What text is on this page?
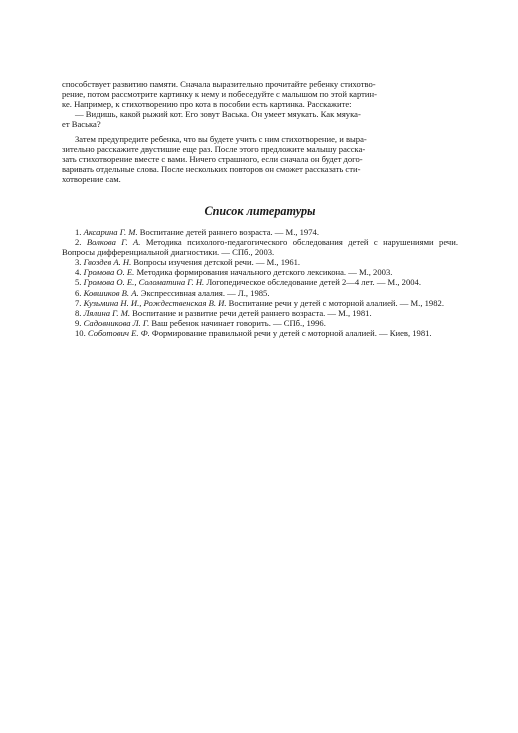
способствует развитию памяти. Сначала выразительно прочитайте ребенку стихотво-

рение, потом рассмотрите картинку к нему и побеседуйте с малышом по этой картин-

ке. Например, к стихотворению про кота в пособии есть картинка. Расскажите:

— Видишь, какой рыжий кот. Его зовут Васька. Он умеет мяукать. Как мяука-

ет Васька?

Затем предупредите ребенка, что вы будете учить с ним стихотворение, и выра-

зительно расскажите двустишие еще раз. После этого предложите малышу расска-

зать стихотворение вместе с вами. Ничего страшного, если сначала он будет дого-

варивать отдельные слова. После нескольких повторов он сможет рассказать сти-

хотворение сам.

Список литературы
1. Аксарина Г. М. Воспитание детей раннего возраста. — М., 1974.
2. Волкова Г. А. Методика психолого-педагогического обследования детей с нарушениями речи. Вопросы дифференциальной диагностики. — СПб., 2003.
3. Гвоздев А. Н. Вопросы изучения детской речи. — М., 1961.
4. Громова О. Е. Методика формирования начального детского лексикона. — М., 2003.
5. Громова О. Е., Соломатина Г. Н. Логопедическое обследование детей 2—4 лет. — М., 2004.
6. Ковшиков В. А. Экспрессивная алалия. — Л., 1985.
7. Кузьмина Н. И., Рождественская В. И. Воспитание речи у детей с моторной алалией. — М., 1982.
8. Лялина Г. М. Воспитание и развитие речи детей раннего возраста. — М., 1981.
9. Садовникова Л. Г. Ваш ребенок начинает говорить. — СПб., 1996.
10. Соботович Е. Ф. Формирование правильной речи у детей с моторной алалией. — Киев, 1981.
